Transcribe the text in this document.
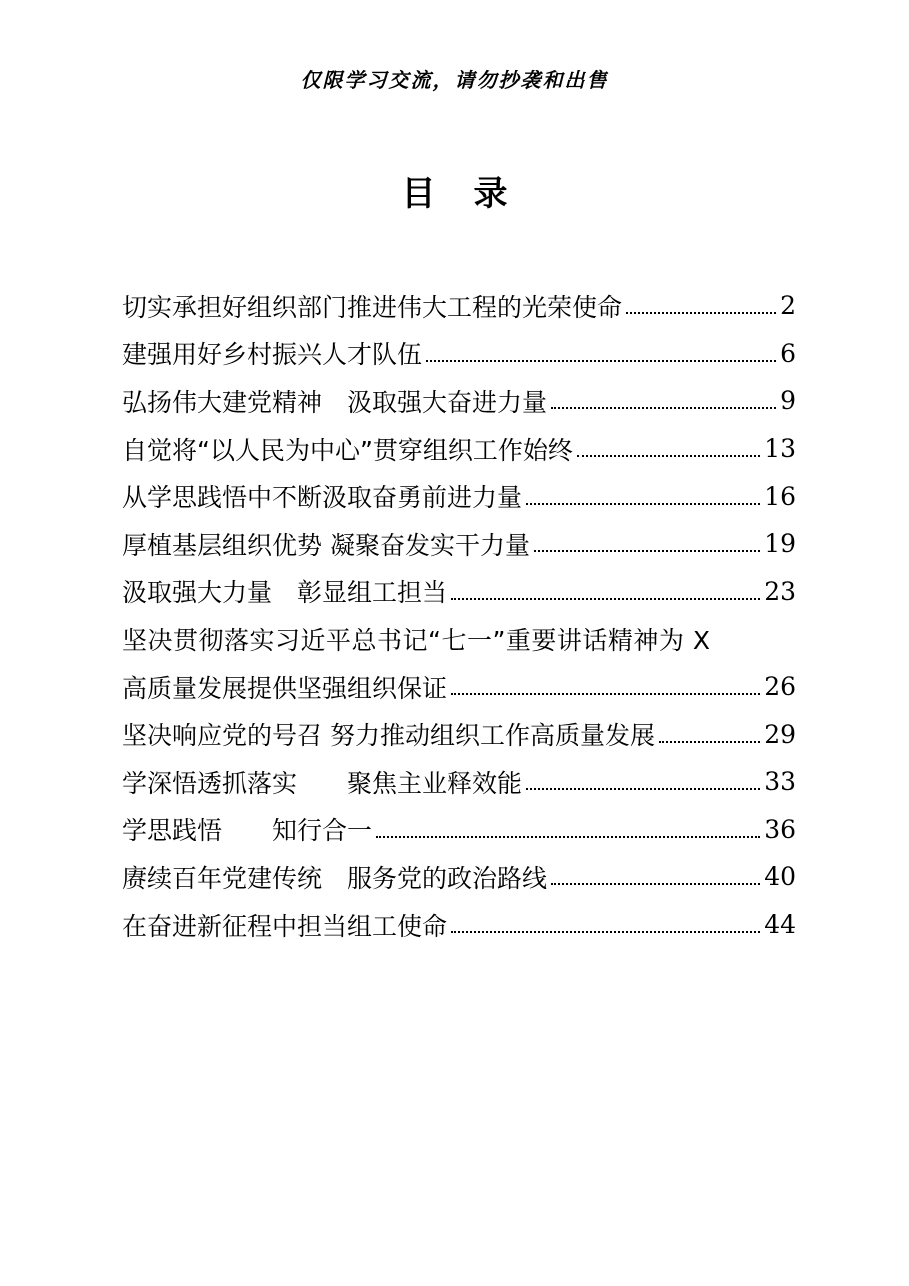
仅限学习交流，请勿抄袭和出售
目 录
切实承担好组织部门推进伟大工程的光荣使命	2
建强用好乡村振兴人才队伍	6
弘扬伟大建党精神　汲取强大奋进力量	9
自觉将“以人民为中心”贯穿组织工作始终	13
从学思践悟中不断汲取奋勇前进力量	16
厚植基层组织优势 凝聚奋发实干力量	19
汲取强大力量　彰显组工担当	23
坚决贯彻落实习近平总书记“七一”重要讲话精神为 X
高质量发展提供坚强组织保证	26
坚决响应党的号召 努力推动组织工作高质量发展	29
学深悟透抓落实　　聚焦主业释效能	33
学思践悟　　知行合一	36
赓续百年党建传统　服务党的政治路线	40
在奋进新征程中担当组工使命	44
